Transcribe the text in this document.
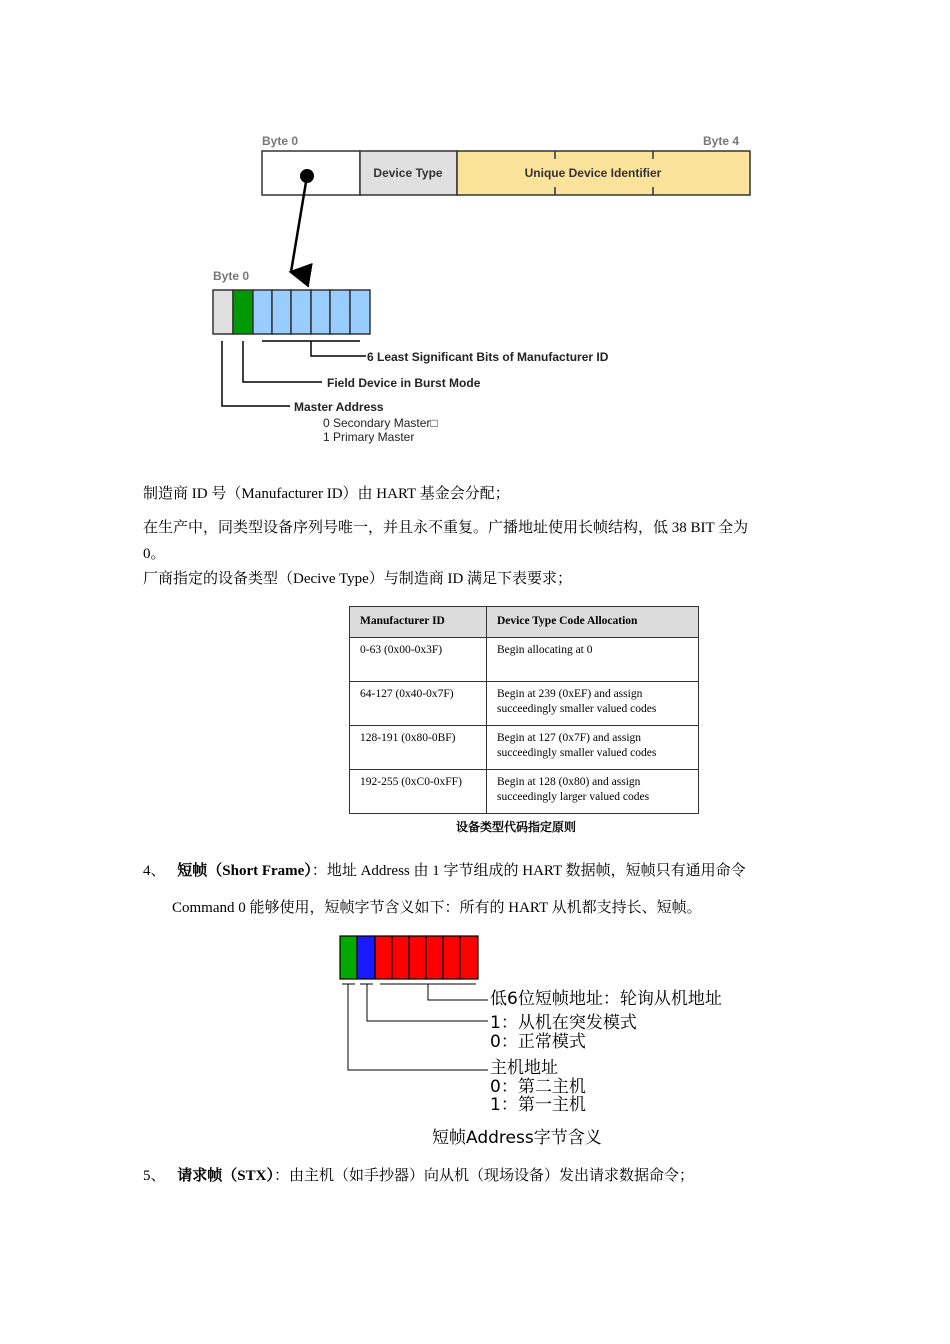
Byte 0	Byte 4
Device Type	Unique Device Identifier
Byte 0
6 Least Significant Bits of Manufacturer ID
Field Device in Burst Mode
Master Address
0 Secondary Master□
1 Primary Master
制造商 ID 号（Manufacturer ID）由 HART 基金会分配；
在生产中，同类型设备序列号唯一，并且永不重复。广播地址使用长帧结构，低 38 BIT 全为
0。
厂商指定的设备类型（Decive Type）与制造商 ID 满足下表要求；
Manufacturer ID	Device Type Code Allocation
0-63 (0x00-0x3F)	Begin allocating at 0

64-127 (0x40-0x7F)	Begin at 239 (0xEF) and assign
succeedingly smaller valued codes

128-191 (0x80-0BF)	Begin at 127 (0x7F) and assign
succeedingly smaller valued codes

192-255 (0xC0-0xFF)	Begin at 128 (0x80) and assign
succeedingly larger valued codes
设备类型代码指定原则
4、 短帧（Short Frame）：地址 Address 由 1 字节组成的 HART 数据帧，短帧只有通用命令
Command 0 能够使用，短帧字节含义如下：所有的 HART 从机都支持长、短帧。
低6位短帧地址：轮询从机地址
1：从机在突发模式
0：正常模式
主机地址
0：第二主机
1：第一主机
短帧Address字节含义
5、 请求帧（STX）：由主机（如手抄器）向从机（现场设备）发出请求数据命令；
